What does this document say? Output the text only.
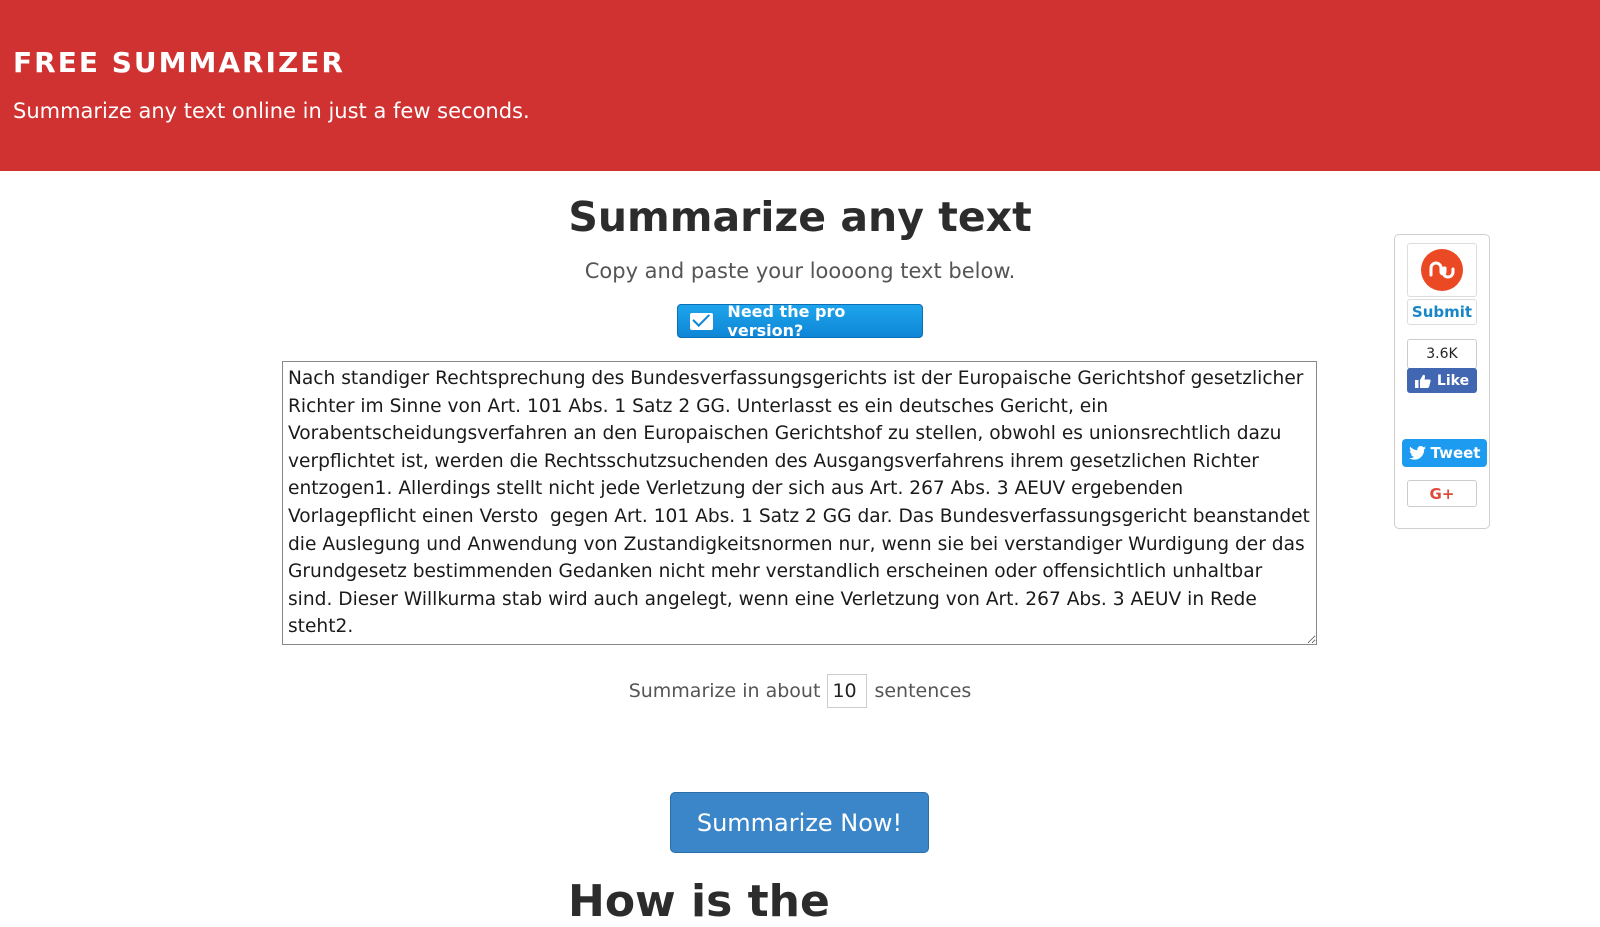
FREE SUMMARIZER
Summarize any text online in just a few seconds.
Summarize any text
Copy and paste your loooong text below.
Need the pro version?
Nach standiger Rechtsprechung des Bundesverfassungsgerichts ist der Europaische Gerichtshof gesetzlicher Richter im Sinne von Art. 101 Abs. 1 Satz 2 GG. Unterlasst es ein deutsches Gericht, ein Vorabentscheidungsverfahren an den Europaischen Gerichtshof zu stellen, obwohl es unionsrechtlich dazu verpflichtet ist, werden die Rechtsschutzsuchenden des Ausgangsverfahrens ihrem gesetzlichen Richter entzogen1. Allerdings stellt nicht jede Verletzung der sich aus Art. 267 Abs. 3 AEUV ergebenden Vorlagepflicht einen Versto gegen Art. 101 Abs. 1 Satz 2 GG dar. Das Bundesverfassungsgericht beanstandet die Auslegung und Anwendung von Zustandigkeitsnormen nur, wenn sie bei verstandiger Wurdigung der das Grundgesetz bestimmenden Gedanken nicht mehr verstandlich erscheinen oder offensichtlich unhaltbar sind. Dieser Willkurma stab wird auch angelegt, wenn eine Verletzung von Art. 267 Abs. 3 AEUV in Rede steht2.
Summarize in about
10	sentences
Summarize Now!
How is the
Submit
3.6K
Like
Tweet
G+
